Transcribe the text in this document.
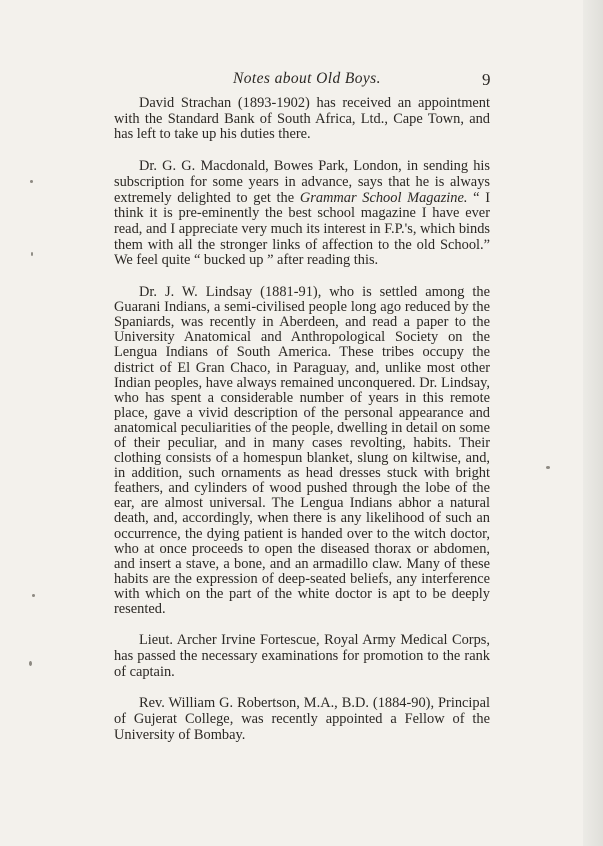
Notes about Old Boys.	9

David Strachan (1893-1902) has received an appointment with the Standard Bank of South Africa, Ltd., Cape Town, and has left to take up his duties there.

Dr. G. G. Macdonald, Bowes Park, London, in sending his subscription for some years in advance, says that he is always extremely delighted to get the Grammar School Magazine. “ I think it is pre-eminently the best school magazine I have ever read, and I appreciate very much its interest in F.P.'s, which binds them with all the stronger links of affection to the old School.” We feel quite “ bucked up ” after reading this.

Dr. J. W. Lindsay (1881-91), who is settled among the Guarani Indians, a semi-civilised people long ago reduced by the Spaniards, was recently in Aberdeen, and read a paper to the University Anatomical and Anthropological Society on the Lengua Indians of South America. These tribes occupy the district of El Gran Chaco, in Paraguay, and, unlike most other Indian peoples, have always remained unconquered. Dr. Lindsay, who has spent a considerable number of years in this remote place, gave a vivid description of the personal appearance and anatomical peculiarities of the people, dwelling in detail on some of their peculiar, and in many cases revolting, habits. Their clothing consists of a homespun blanket, slung on kiltwise, and, in addition, such ornaments as head dresses stuck with bright feathers, and cylinders of wood pushed through the lobe of the ear, are almost universal. The Lengua Indians abhor a natural death, and, accordingly, when there is any likelihood of such an occurrence, the dying patient is handed over to the witch doctor, who at once proceeds to open the diseased thorax or abdomen, and insert a stave, a bone, and an armadillo claw. Many of these habits are the expression of deep-seated beliefs, any interference with which on the part of the white doctor is apt to be deeply resented.

Lieut. Archer Irvine Fortescue, Royal Army Medical Corps, has passed the necessary examinations for promotion to the rank of captain.

Rev. William G. Robertson, M.A., B.D. (1884-90), Principal of Gujerat College, was recently appointed a Fellow of the University of Bombay.
